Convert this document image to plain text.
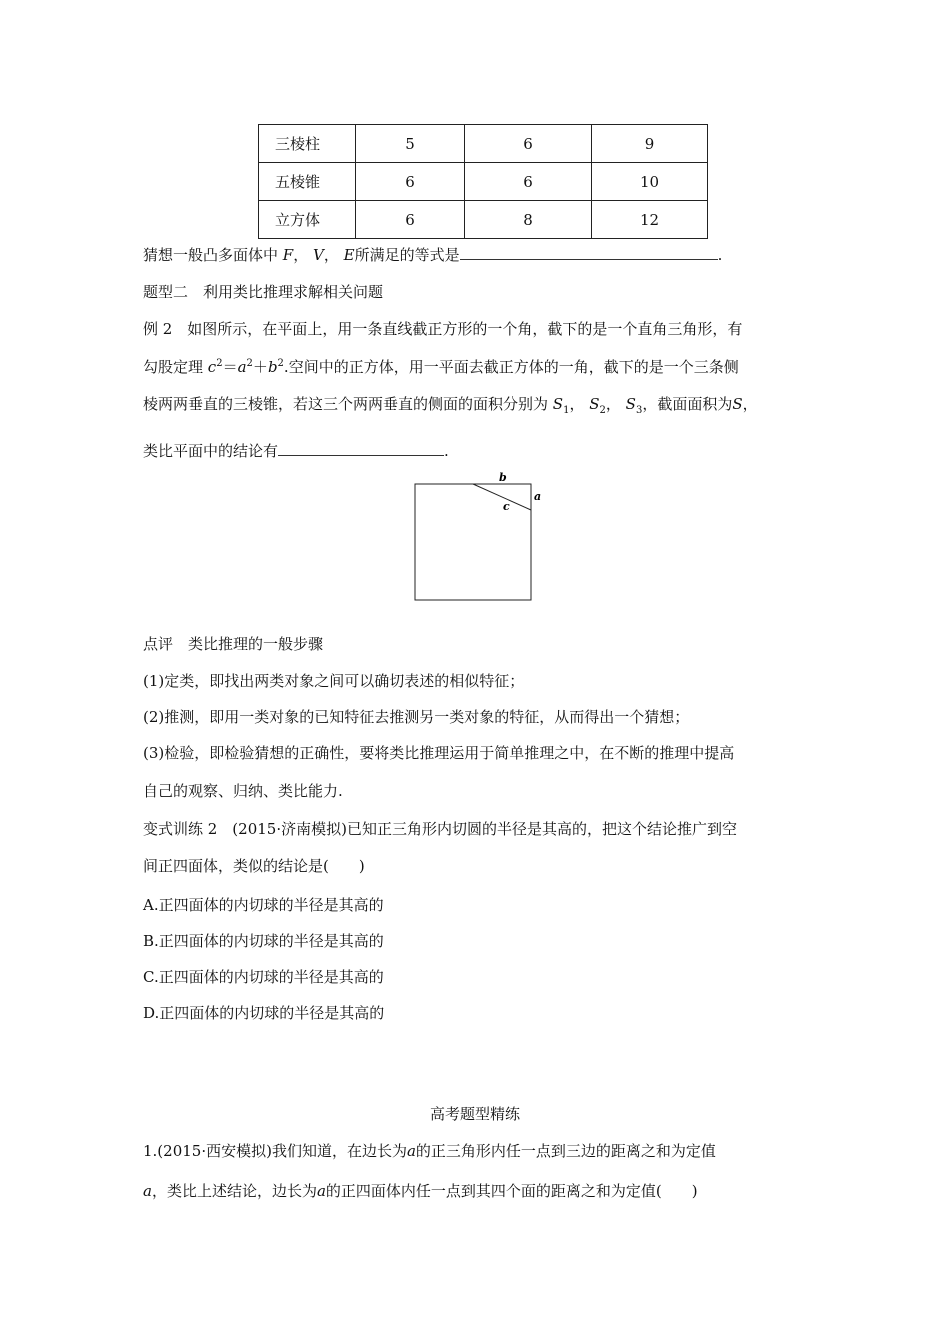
三棱柱	5	6	9
五棱锥	6	6	10
立方体	6	8	12
猜想一般凸多面体中 F， V， E所满足的等式是	.
题型二　利用类比推理求解相关问题
例 2　如图所示，在平面上，用一条直线截正方形的一个角，截下的是一个直角三角形，有
勾股定理 $c^2=a^2+b^2$.空间中的正方体，用一平面去截正方体的一角，截下的是一个三条侧
棱两两垂直的三棱锥，若这三个两两垂直的侧面的面积分别为 $S_1$， $S_2$， $S_3$，截面面积为S，
类比平面中的结论有	.
b
a
c
点评　类比推理的一般步骤
(1)定类，即找出两类对象之间可以确切表述的相似特征；
(2)推测，即用一类对象的已知特征去推测另一类对象的特征，从而得出一个猜想；
(3)检验，即检验猜想的正确性，要将类比推理运用于简单推理之中，在不断的推理中提高
自己的观察、归纳、类比能力.
变式训练 2　(2015·济南模拟)已知正三角形内切圆的半径是其高的，把这个结论推广到空
间正四面体，类似的结论是(　　)
A.正四面体的内切球的半径是其高的
B.正四面体的内切球的半径是其高的
C.正四面体的内切球的半径是其高的
D.正四面体的内切球的半径是其高的
高考题型精练
1.(2015·西安模拟)我们知道，在边长为a的正三角形内任一点到三边的距离之和为定值
a，类比上述结论，边长为a的正四面体内任一点到其四个面的距离之和为定值(　　)
